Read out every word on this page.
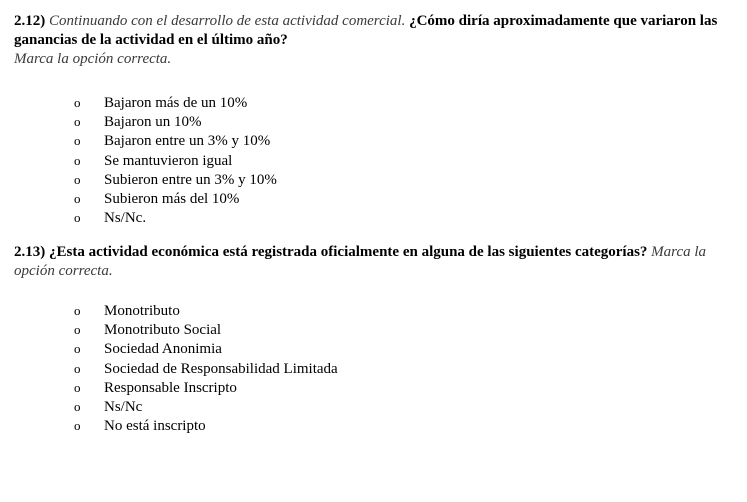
2.12) Continuando con el desarrollo de esta actividad comercial. ¿Cómo diría aproximadamente que variaron las ganancias de la actividad en el último año?

Marca la opción correcta.

o	Bajaron más de un 10%
o	Bajaron un 10%
o	Bajaron entre un 3% y 10%
o	Se mantuvieron igual
o	Subieron entre un 3% y 10%
o	Subieron más del 10%
o	Ns/Nc.

2.13) ¿Esta actividad económica está registrada oficialmente en alguna de las siguientes categorías? Marca la opción correcta.

o	Monotributo
o	Monotributo Social
o	Sociedad Anonimia
o	Sociedad de Responsabilidad Limitada
o	Responsable Inscripto
o	Ns/Nc
o	No está inscripto
